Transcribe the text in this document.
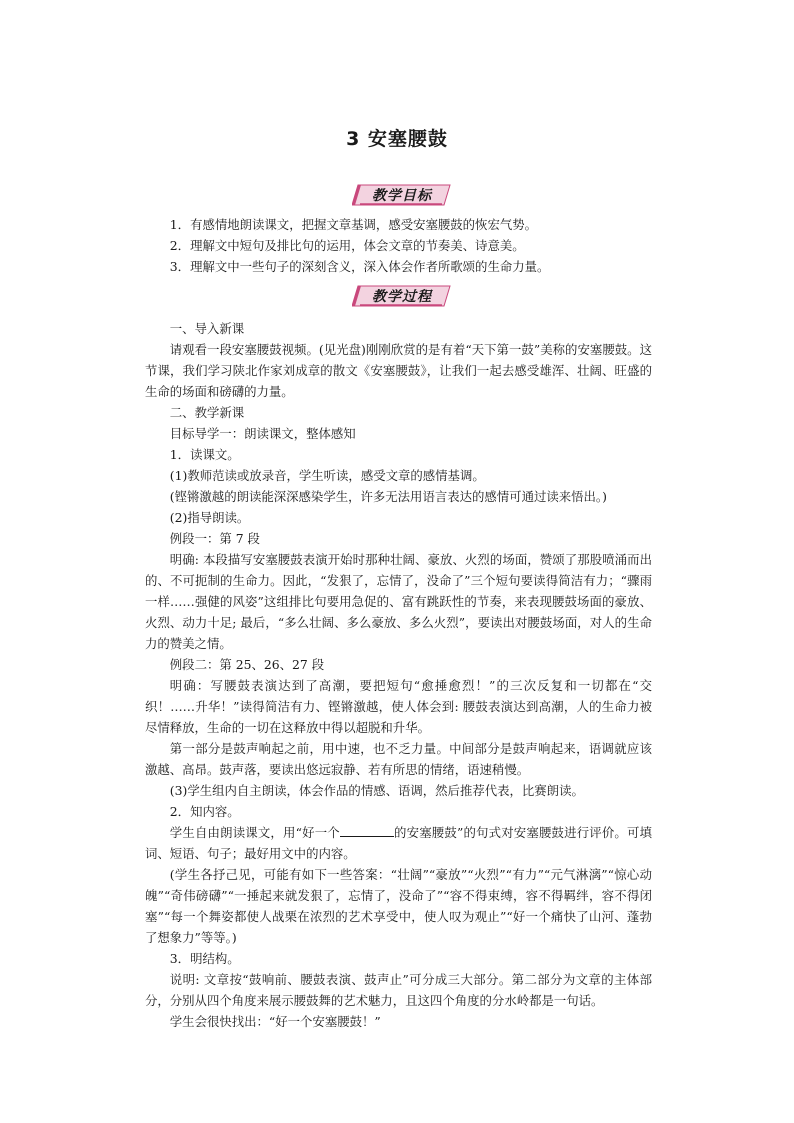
3 安塞腰鼓
教学目标

1．有感情地朗读课文，把握文章基调，感受安塞腰鼓的恢宏气势。

2．理解文中短句及排比句的运用，体会文章的节奏美、诗意美。

3．理解文中一些句子的深刻含义，深入体会作者所歌颂的生命力量。

教学过程

一、导入新课

请观看一段安塞腰鼓视频。(见光盘)刚刚欣赏的是有着“天下第一鼓”美称的安塞腰鼓。这节课，我们学习陕北作家刘成章的散文《安塞腰鼓》，让我们一起去感受雄浑、壮阔、旺盛的生命的场面和磅礴的力量。

二、教学新课

目标导学一：朗读课文，整体感知

1．读课文。

(1)教师范读或放录音，学生听读，感受文章的感情基调。

(铿锵激越的朗读能深深感染学生，许多无法用语言表达的感情可通过读来悟出。)

(2)指导朗读。

例段一：第 7 段

明确: 本段描写安塞腰鼓表演开始时那种壮阔、豪放、火烈的场面，赞颂了那股喷涌而出的、不可扼制的生命力。因此，“发狠了，忘情了，没命了”三个短句要读得简洁有力；“骤雨一样……强健的风姿”这组排比句要用急促的、富有跳跃性的节奏，来表现腰鼓场面的豪放、火烈、动力十足; 最后，“多么壮阔、多么豪放、多么火烈”，要读出对腰鼓场面，对人的生命力的赞美之情。

例段二：第 25、26、27 段

明确：写腰鼓表演达到了高潮，要把短句“愈捶愈烈！”的三次反复和一切都在“交织！……升华！”读得简洁有力、铿锵激越，使人体会到: 腰鼓表演达到高潮，人的生命力被尽情释放，生命的一切在这释放中得以超脱和升华。

第一部分是鼓声响起之前，用中速，也不乏力量。中间部分是鼓声响起来，语调就应该激越、高昂。鼓声落，要读出悠远寂静、若有所思的情绪，语速稍慢。

(3)学生组内自主朗读，体会作品的情感、语调，然后推荐代表，比赛朗读。

2．知内容。

学生自由朗读课文，用“好一个	的安塞腰鼓”的句式对安塞腰鼓进行评价。可填词、短语、句子；最好用文中的内容。

(学生各抒己见，可能有如下一些答案：“壮阔”“豪放”“火烈”“有力”“元气淋漓”“惊心动魄”“奇伟磅礴”“一捶起来就发狠了，忘情了，没命了”“容不得束缚，容不得羁绊，容不得闭塞”“每一个舞姿都使人战栗在浓烈的艺术享受中，使人叹为观止”“好一个痛快了山河、蓬勃了想象力”等等。)

3．明结构。

说明: 文章按“鼓响前、腰鼓表演、鼓声止”可分成三大部分。第二部分为文章的主体部分，分别从四个角度来展示腰鼓舞的艺术魅力，且这四个角度的分水岭都是一句话。

学生会很快找出：“好一个安塞腰鼓！”
